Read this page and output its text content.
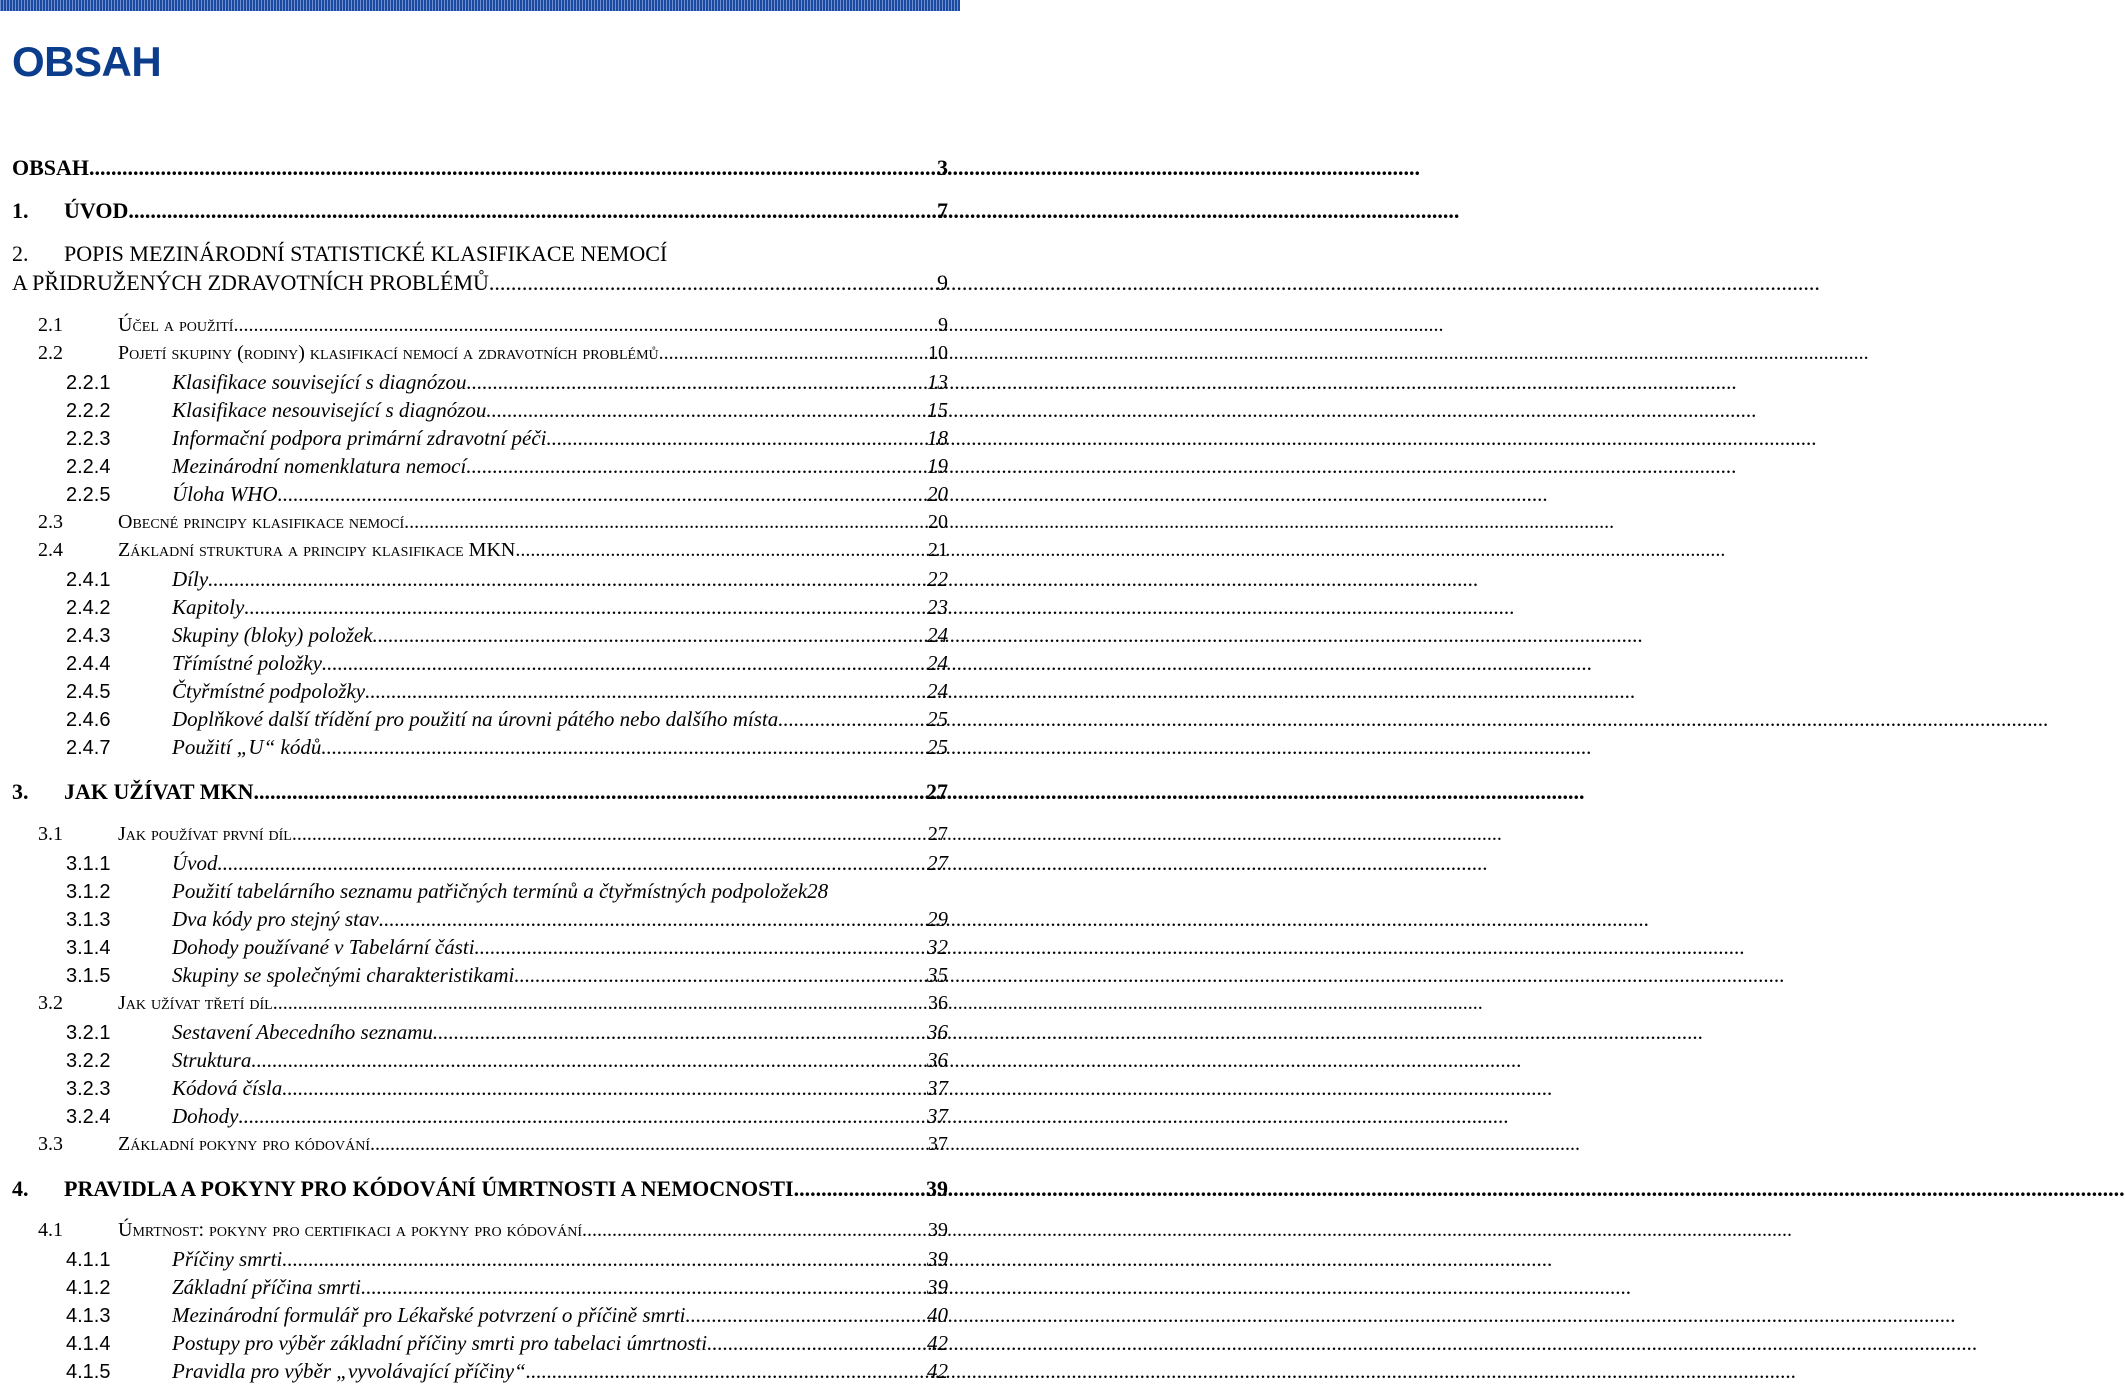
OBSAH
OBSAH .....	3
1.	ÚVOD .....	7
2.	POPIS MEZINÁRODNÍ STATISTICKÉ KLASIFIKACE NEMOCÍ
A PŘIDRUŽENÝCH ZDRAVOTNÍCH PROBLÉMŮ .....	9
2.1	Účel a použití .....	9
2.2	Pojetí skupiny (rodiny) klasifikací nemocí a zdravotních problémů .....	10
2.2.1	Klasifikace související s diagnózou .....	13
2.2.2	Klasifikace nesouvisející s diagnózou .....	15
2.2.3	Informační podpora primární zdravotní péči .....	18
2.2.4	Mezinárodní nomenklatura nemocí .....	19
2.2.5	Úloha WHO .....	20
2.3	Obecné principy klasifikace nemocí .....	20
2.4	Základní struktura a principy klasifikace MKN .....	21
2.4.1	Díly .....	22
2.4.2	Kapitoly .....	23
2.4.3	Skupiny (bloky) položek .....	24
2.4.4	Třímístné položky .....	24
2.4.5	Čtyřmístné podpoložky .....	24
2.4.6	Doplňkové další třídění pro použití na úrovni pátého nebo dalšího místa .....	25
2.4.7	Použití „U“ kódů .....	25
3.	JAK UŽÍVAT MKN .....	27
3.1	Jak používat první díl .....	27
3.1.1	Úvod .....	27
3.1.2	Použití tabelárního seznamu patřičných termínů a čtyřmístných podpoložek 28
3.1.3	Dva kódy pro stejný stav .....	29
3.1.4	Dohody používané v Tabelární části .....	32
3.1.5	Skupiny se společnými charakteristikami .....	35
3.2	Jak užívat třetí díl .....	36
3.2.1	Sestavení Abecedního seznamu .....	36
3.2.2	Struktura .....	36
3.2.3	Kódová čísla .....	37
3.2.4	Dohody .....	37
3.3	Základní pokyny pro kódování .....	37
4.	PRAVIDLA A POKYNY PRO KÓDOVÁNÍ ÚMRTNOSTI A NEMOCNOSTI .....	39
4.1	Úmrtnost: pokyny pro certifikaci a pokyny pro kódování .....	39
4.1.1	Příčiny smrti .....	39
4.1.2	Základní příčina smrti .....	39
4.1.3	Mezinárodní formulář pro Lékařské potvrzení o příčině smrti .....	40
4.1.4	Postupy pro výběr základní příčiny smrti pro tabelaci úmrtnosti .....	42
4.1.5	Pravidla pro výběr „vyvolávající příčiny“ .....	42
